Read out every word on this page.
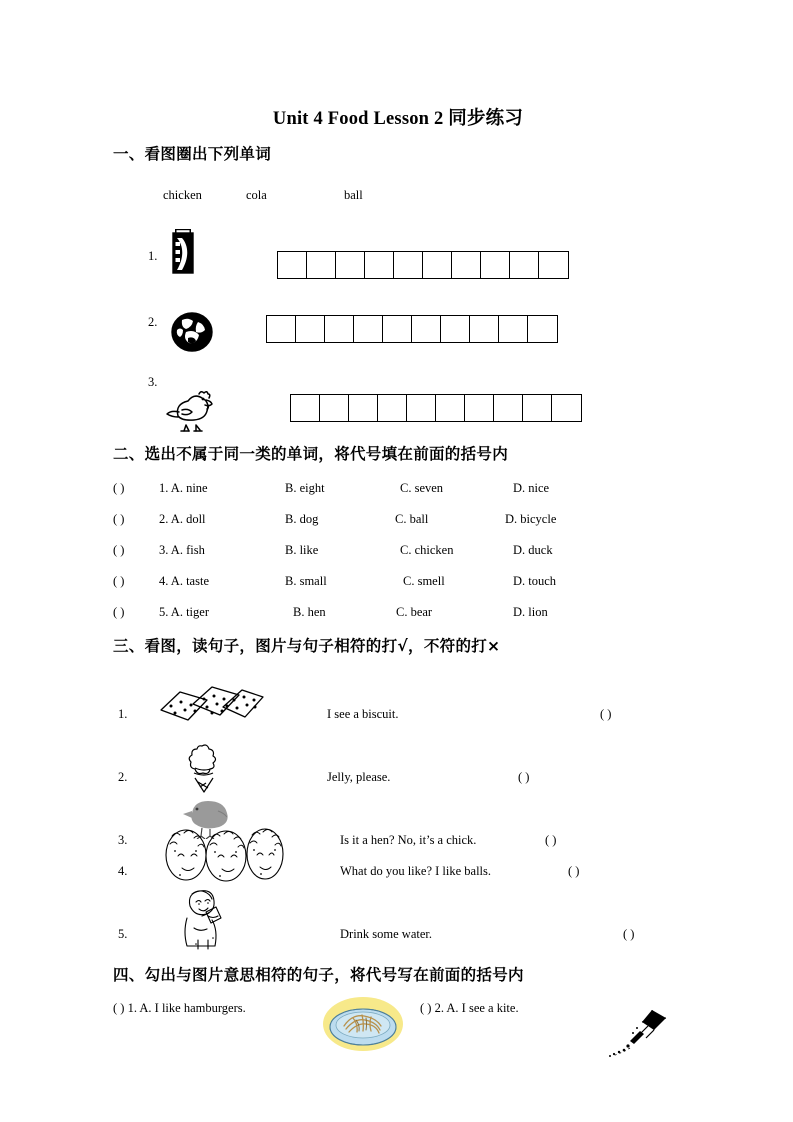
Unit 4 Food Lesson 2 同步练习
一、看图圈出下列单词
chicken	cola	ball
1.
2.
3.
二、选出不属于同一类的单词，将代号填在前面的括号内
( )	1. A. nine	B. eight	C. seven	D. nice
( )	2. A. doll	B. dog	C. ball	D. bicycle
( )	3. A. fish	B. like	C. chicken	D. duck
( )	4. A. taste	B. small	C. smell	D. touch
( )	5. A. tiger	B. hen	C. bear	D. lion
三、看图，读句子，图片与句子相符的打√，不符的打×
1.	I see a biscuit.	( )
2.	Jelly, please.	( )
3.	Is it a hen? No, it’s a chick.	( )
4.	What do you like? I like balls.	( )
5.	Drink some water.	( )
四、勾出与图片意思相符的句子，将代号写在前面的括号内
( ) 1. A. I like hamburgers.	( ) 2. A. I see a kite.
